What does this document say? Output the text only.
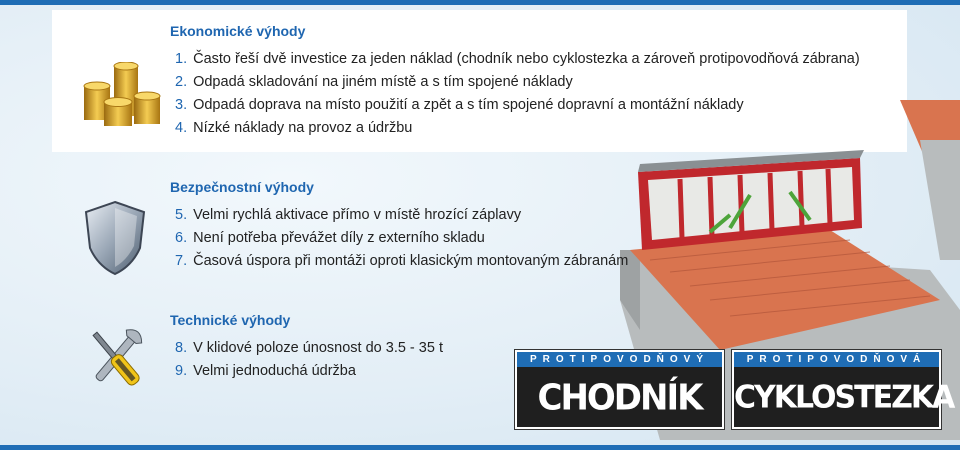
Ekonomické výhody
1. Často řeší dvě investice za jeden náklad (chodník nebo cyklostezka a zároveň protipovodňová zábrana)
2. Odpadá skladování na jiném místě a s tím spojené náklady
3. Odpadá doprava na místo použití a zpět a s tím spojené dopravní a montážní náklady
4. Nízké náklady na provoz a údržbu
Bezpečnostní výhody
5. Velmi rychlá aktivace přímo v místě hrozící záplavy
6. Není potřeba převážet díly z externího skladu
7. Časová úspora při montáži oproti klasickým montovaným zábranám
Technické výhody
8. V klidové poloze únosnost do 3.5 - 35 t
9. Velmi jednoduchá údržba
PROTIPOVODŇOVÝ
CHODNÍK
PROTIPOVODŇOVÁ
CYKLOSTEZKA
